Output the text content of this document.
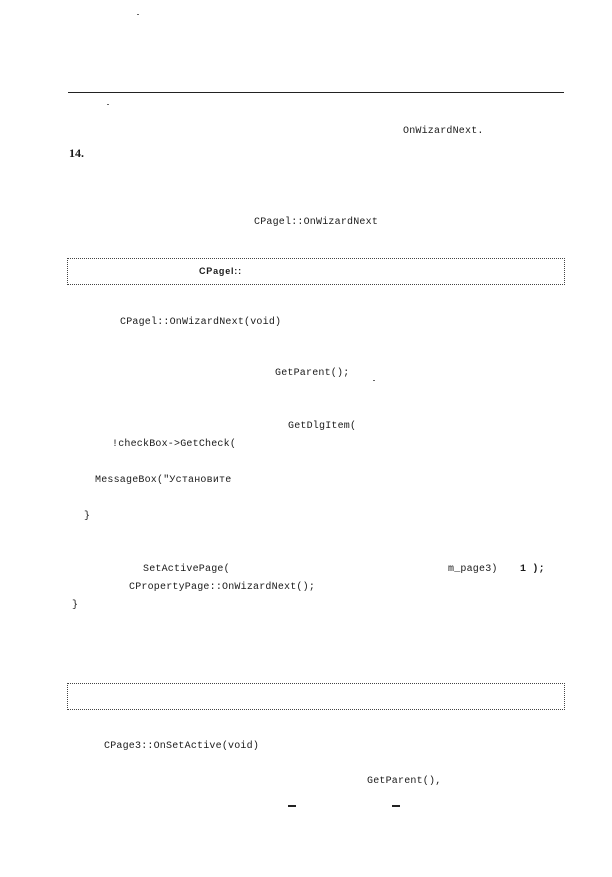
OnWizardNext.
14.
CPagel::OnWizardNext
CPagel::
CPagel::OnWizardNext(void)
GetParent();
GetDlgItem(
!checkBox->GetCheck(
MessageBox("Установите
}
SetActivePage(	m_page3) 1 );
CPropertyPage::OnWizardNext();
}
CPage3::OnSetActive(void)
GetParent(),
